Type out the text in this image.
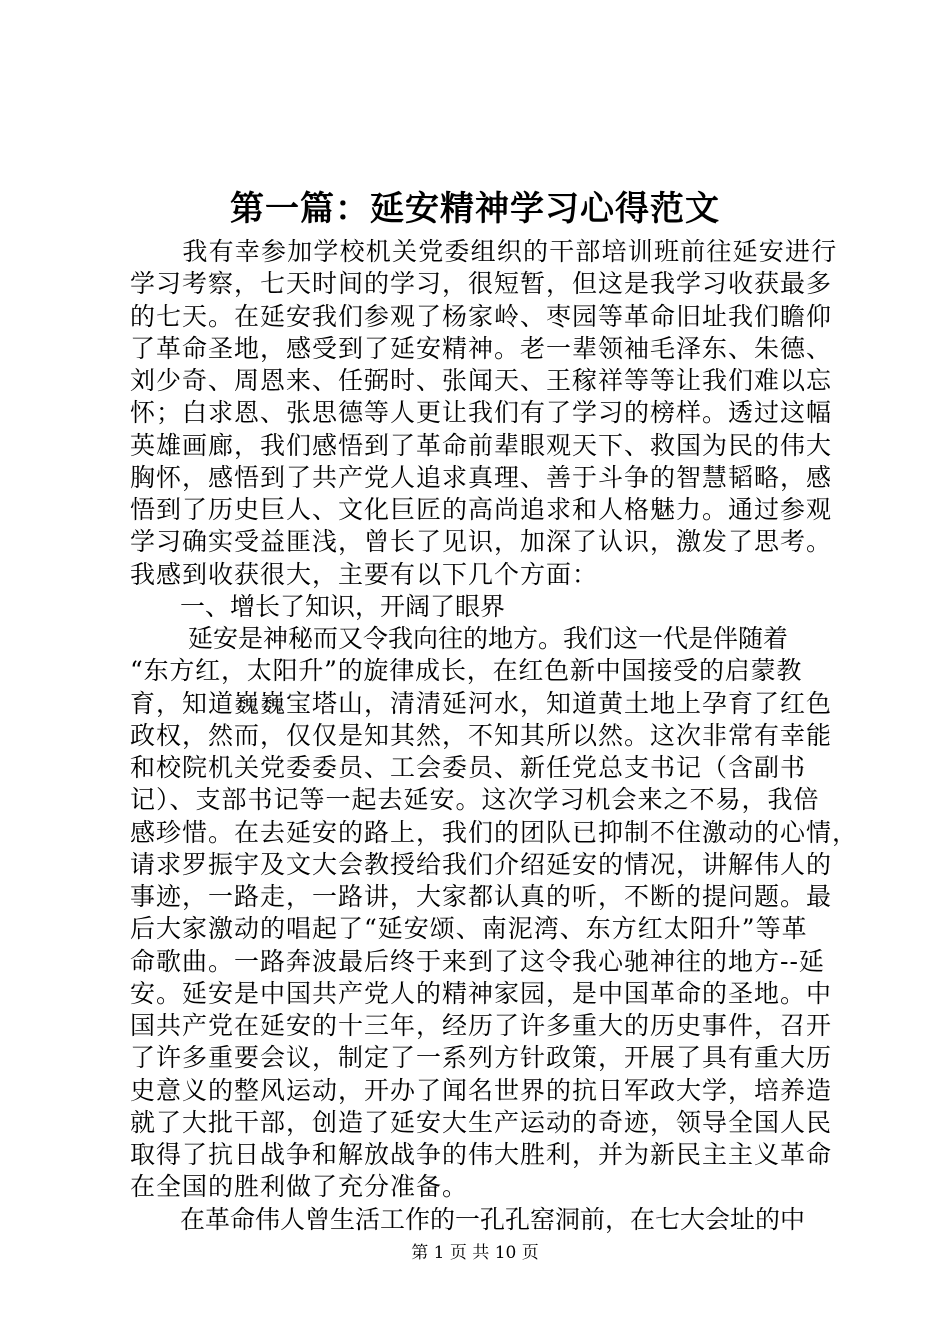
第一篇：延安精神学习心得范文
　　我有幸参加学校机关党委组织的干部培训班前往延安进行
学习考察，七天时间的学习，很短暂，但这是我学习收获最多
的七天。在延安我们参观了杨家岭、枣园等革命旧址我们瞻仰
了革命圣地，感受到了延安精神。老一辈领袖毛泽东、朱德、
刘少奇、周恩来、任弼时、张闻天、王稼祥等等让我们难以忘
怀；白求恩、张思德等人更让我们有了学习的榜样。透过这幅
英雄画廊，我们感悟到了革命前辈眼观天下、救国为民的伟大
胸怀，感悟到了共产党人追求真理、善于斗争的智慧韬略，感
悟到了历史巨人、文化巨匠的高尚追求和人格魅力。通过参观
学习确实受益匪浅，曾长了见识，加深了认识，激发了思考。
我感到收获很大，主要有以下几个方面：
　　一、增长了知识，开阔了眼界
　　 延安是神秘而又令我向往的地方。我们这一代是伴随着
“东方红，太阳升”的旋律成长，在红色新中国接受的启蒙教
育，知道巍巍宝塔山，清清延河水，知道黄土地上孕育了红色
政权，然而，仅仅是知其然，不知其所以然。这次非常有幸能
和校院机关党委委员、工会委员、新任党总支书记（含副书
记）、支部书记等一起去延安。这次学习机会来之不易，我倍
感珍惜。在去延安的路上，我们的团队已抑制不住激动的心情，
请求罗振宇及文大会教授给我们介绍延安的情况，讲解伟人的
事迹，一路走，一路讲，大家都认真的听，不断的提问题。最
后大家激动的唱起了“延安颂、南泥湾、东方红太阳升”等革
命歌曲。一路奔波最后终于来到了这令我心驰神往的地方--延
安。延安是中国共产党人的精神家园，是中国革命的圣地。中
国共产党在延安的十三年，经历了许多重大的历史事件，召开
了许多重要会议，制定了一系列方针政策，开展了具有重大历
史意义的整风运动，开办了闻名世界的抗日军政大学，培养造
就了大批干部，创造了延安大生产运动的奇迹，领导全国人民
取得了抗日战争和解放战争的伟大胜利，并为新民主主义革命
在全国的胜利做了充分准备。
　　在革命伟人曾生活工作的一孔孔窑洞前，在七大会址的中
第 1 页 共 10 页
